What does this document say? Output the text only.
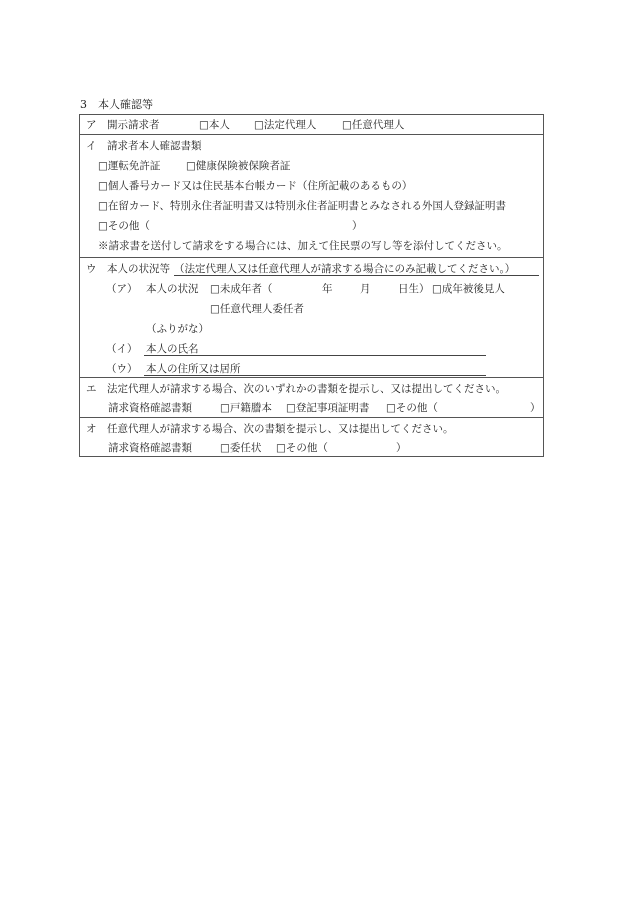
3　本人確認等
ア　開示請求者	□本人 □法定代理人 □任意代理人
イ　請求者本人確認書類
□運転免許証 □健康保険被保険者証
□個人番号カード又は住民基本台帳カード（住所記載のあるもの）
□在留カード、特別永住者証明書又は特別永住者証明書とみなされる外国人登録証明書
□その他（	）
※請求書を送付して請求をする場合には、加えて住民票の写し等を添付してください。
ウ　本人の状況等 （法定代理人又は任意代理人が請求する場合にのみ記載してください。）
（ア） 本人の状況 □未成年者（	年	月	日生） □成年被後見人
□任意代理人委任者
（ふりがな）
（イ） 本人の氏名
（ウ） 本人の住所又は居所
エ　法定代理人が請求する場合、次のいずれかの書類を提示し、又は提出してください。
請求資格確認書類	□戸籍謄本 □登記事項証明書 □その他（	）
オ　任意代理人が請求する場合、次の書類を提示し、又は提出してください。
請求資格確認書類	□委任状 □その他（	）
